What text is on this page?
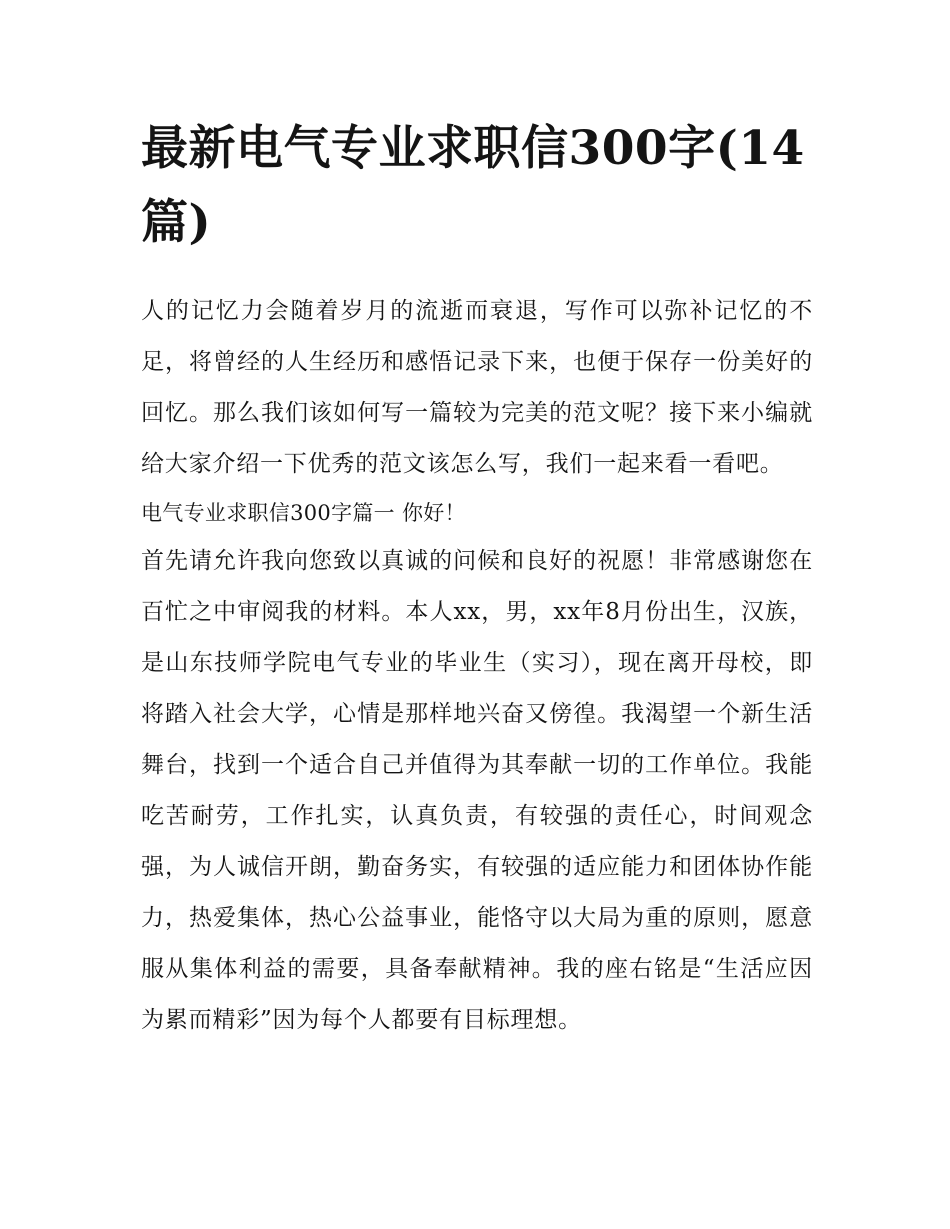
最新电气专业求职信300字(14篇)

人的记忆力会随着岁月的流逝而衰退，写作可以弥补记忆的不足，将曾经的人生经历和感悟记录下来，也便于保存一份美好的回忆。那么我们该如何写一篇较为完美的范文呢？接下来小编就给大家介绍一下优秀的范文该怎么写，我们一起来看一看吧。

电气专业求职信300字篇一 你好！

首先请允许我向您致以真诚的问候和良好的祝愿！非常感谢您在百忙之中审阅我的材料。本人xx，男，xx年8月份出生，汉族，是山东技师学院电气专业的毕业生（实习），现在离开母校，即将踏入社会大学，心情是那样地兴奋又傍徨。我渴望一个新生活舞台，找到一个适合自己并值得为其奉献一切的工作单位。我能吃苦耐劳，工作扎实，认真负责，有较强的责任心，时间观念强，为人诚信开朗，勤奋务实，有较强的适应能力和团体协作能力，热爱集体，热心公益事业，能恪守以大局为重的原则，愿意服从集体利益的需要，具备奉献精神。我的座右铭是“生活应因为累而精彩”因为每个人都要有目标理想。
